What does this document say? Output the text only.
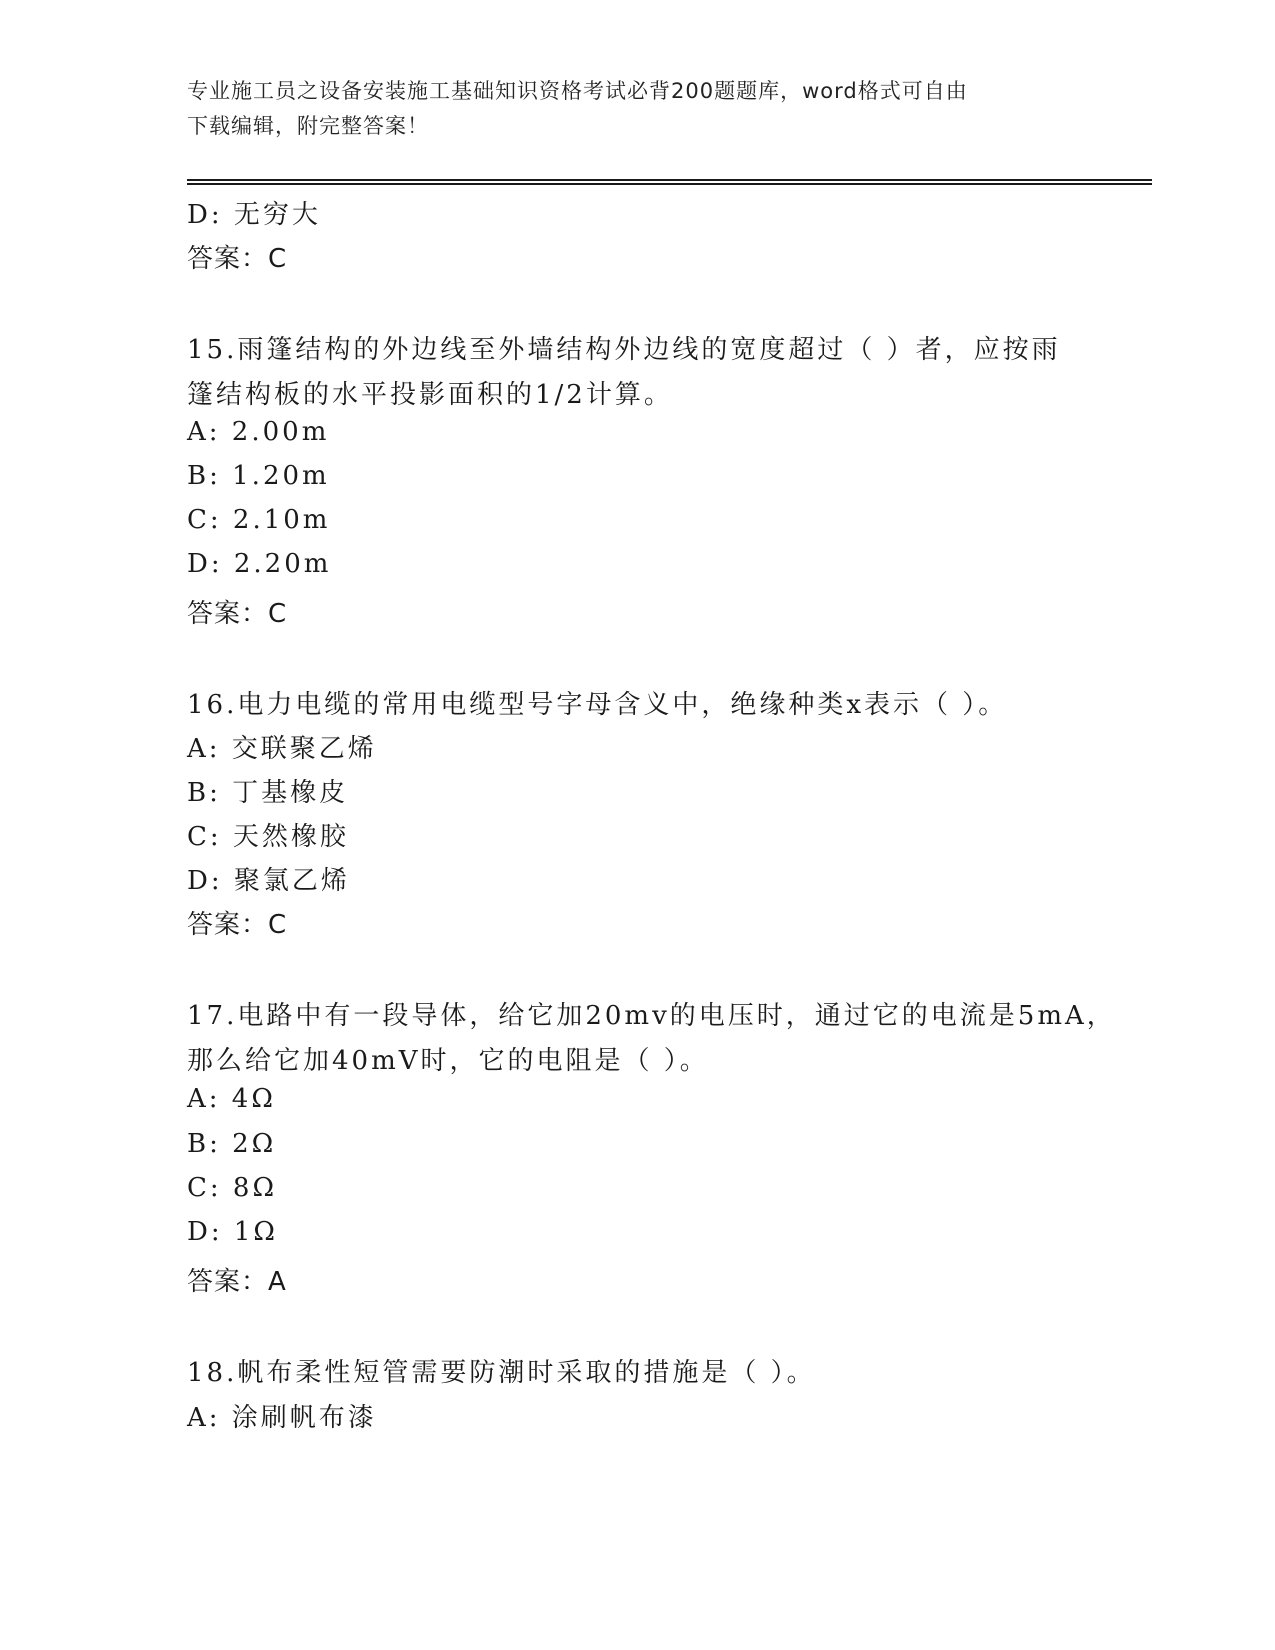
专业施工员之设备安装施工基础知识资格考试必背200题题库，word格式可自由
下载编辑，附完整答案！
D: 无穷大
答案：C
15.雨篷结构的外边线至外墙结构外边线的宽度超过（ ）者，应按雨
篷结构板的水平投影面积的1/2计算。
A: 2.00m
B: 1.20m
C: 2.10m
D: 2.20m
答案：C
16.电力电缆的常用电缆型号字母含义中，绝缘种类x表示（ ）。
A: 交联聚乙烯
B: 丁基橡皮
C: 天然橡胶
D: 聚氯乙烯
答案：C
17.电路中有一段导体，给它加20mv的电压时，通过它的电流是5mA，
那么给它加40mV时，它的电阻是（ ）。
A: 4Ω
B: 2Ω
C: 8Ω
D: 1Ω
答案：A
18.帆布柔性短管需要防潮时采取的措施是（ ）。
A: 涂刷帆布漆
